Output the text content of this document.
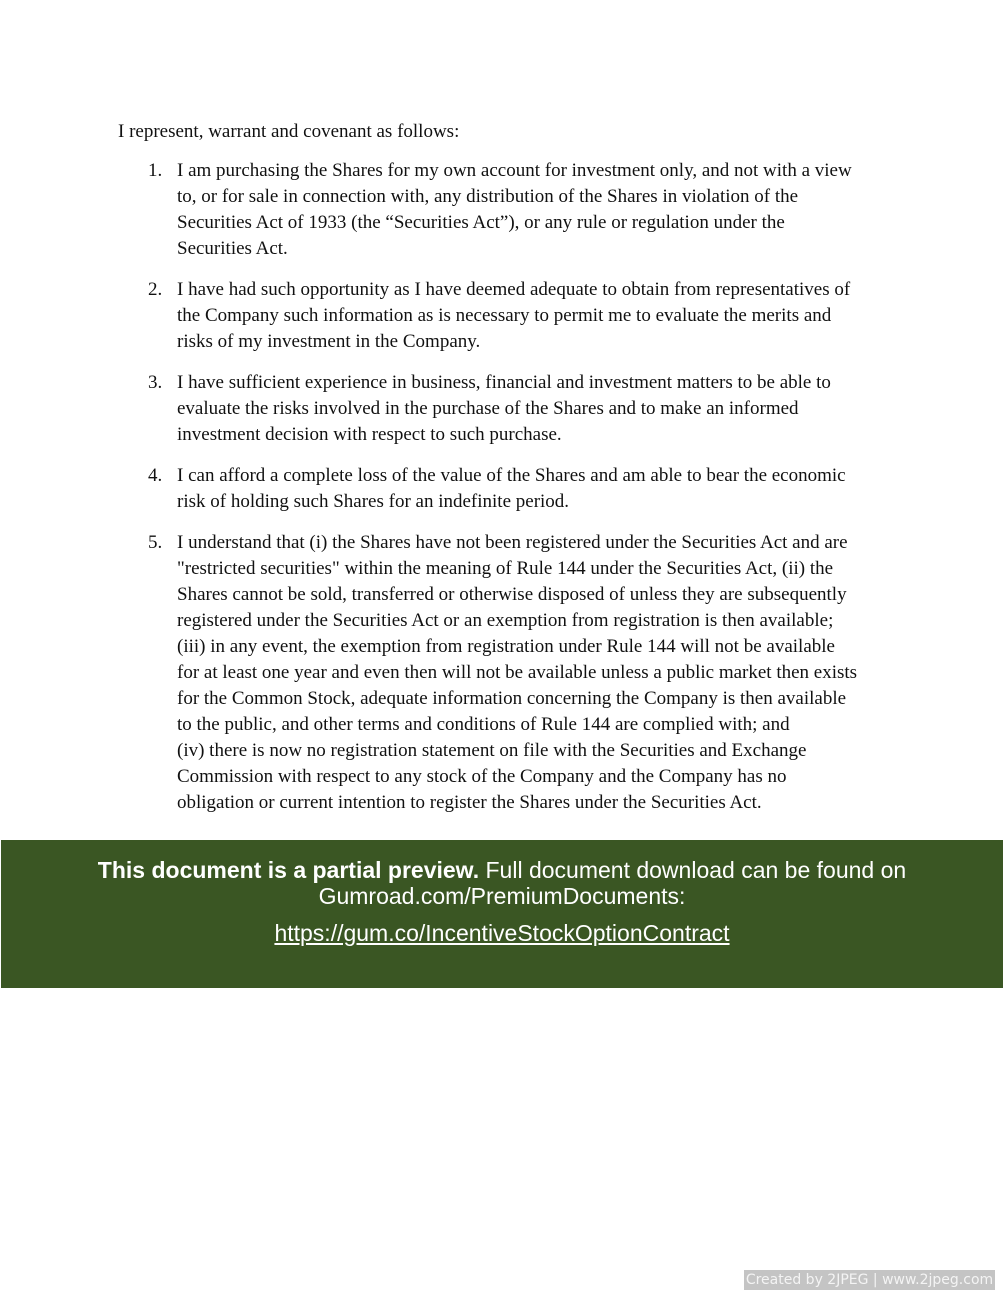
I represent, warrant and covenant as follows:
1. I am purchasing the Shares for my own account for investment only, and not with a view
to, or for sale in connection with, any distribution of the Shares in violation of the
Securities Act of 1933 (the “Securities Act”), or any rule or regulation under the
Securities Act.
2. I have had such opportunity as I have deemed adequate to obtain from representatives of
the Company such information as is necessary to permit me to evaluate the merits and
risks of my investment in the Company.
3. I have sufficient experience in business, financial and investment matters to be able to
evaluate the risks involved in the purchase of the Shares and to make an informed
investment decision with respect to such purchase.
4. I can afford a complete loss of the value of the Shares and am able to bear the economic
risk of holding such Shares for an indefinite period.
5. I understand that (i) the Shares have not been registered under the Securities Act and are
"restricted securities" within the meaning of Rule 144 under the Securities Act, (ii) the
Shares cannot be sold, transferred or otherwise disposed of unless they are subsequently
registered under the Securities Act or an exemption from registration is then available;
(iii) in any event, the exemption from registration under Rule 144 will not be available
for at least one year and even then will not be available unless a public market then exists
for the Common Stock, adequate information concerning the Company is then available
to the public, and other terms and conditions of Rule 144 are complied with; and
(iv) there is now no registration statement on file with the Securities and Exchange
Commission with respect to any stock of the Company and the Company has no
obligation or current intention to register the Shares under the Securities Act.
This document is a partial preview. Full document download can be found on
Gumroad.com/PremiumDocuments:
https://gum.co/IncentiveStockOptionContract
Created by 2JPEG | www.2jpeg.com
